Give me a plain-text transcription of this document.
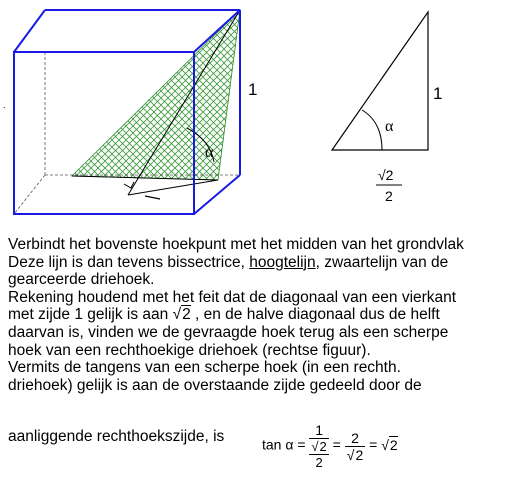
.
1
α
1
α
√2
2

Verbindt het bovenste hoekpunt met het midden van het grondvlak

Deze lijn is dan tevens bissectrice, hoogtelijn, zwaartelijn van de

gearceerde driehoek.

Rekening houdend met het feit dat de diagonaal van een vierkant

met zijde 1 gelijk is aan √2 , en de halve diagonaal dus de helft

daarvan is, vinden we de gevraagde hoek terug als een scherpe

hoek van een rechthoekige driehoek (rechtse figuur).

Vermits de tangens van een scherpe hoek (in een rechth.

driehoek) gelijk is aan de overstaande zijde gedeeld door de

aanliggende rechthoekszijde, is	$\tan \alpha = \frac{1}{\frac{√2}{2}} = \frac{2}{√2} = √2$
